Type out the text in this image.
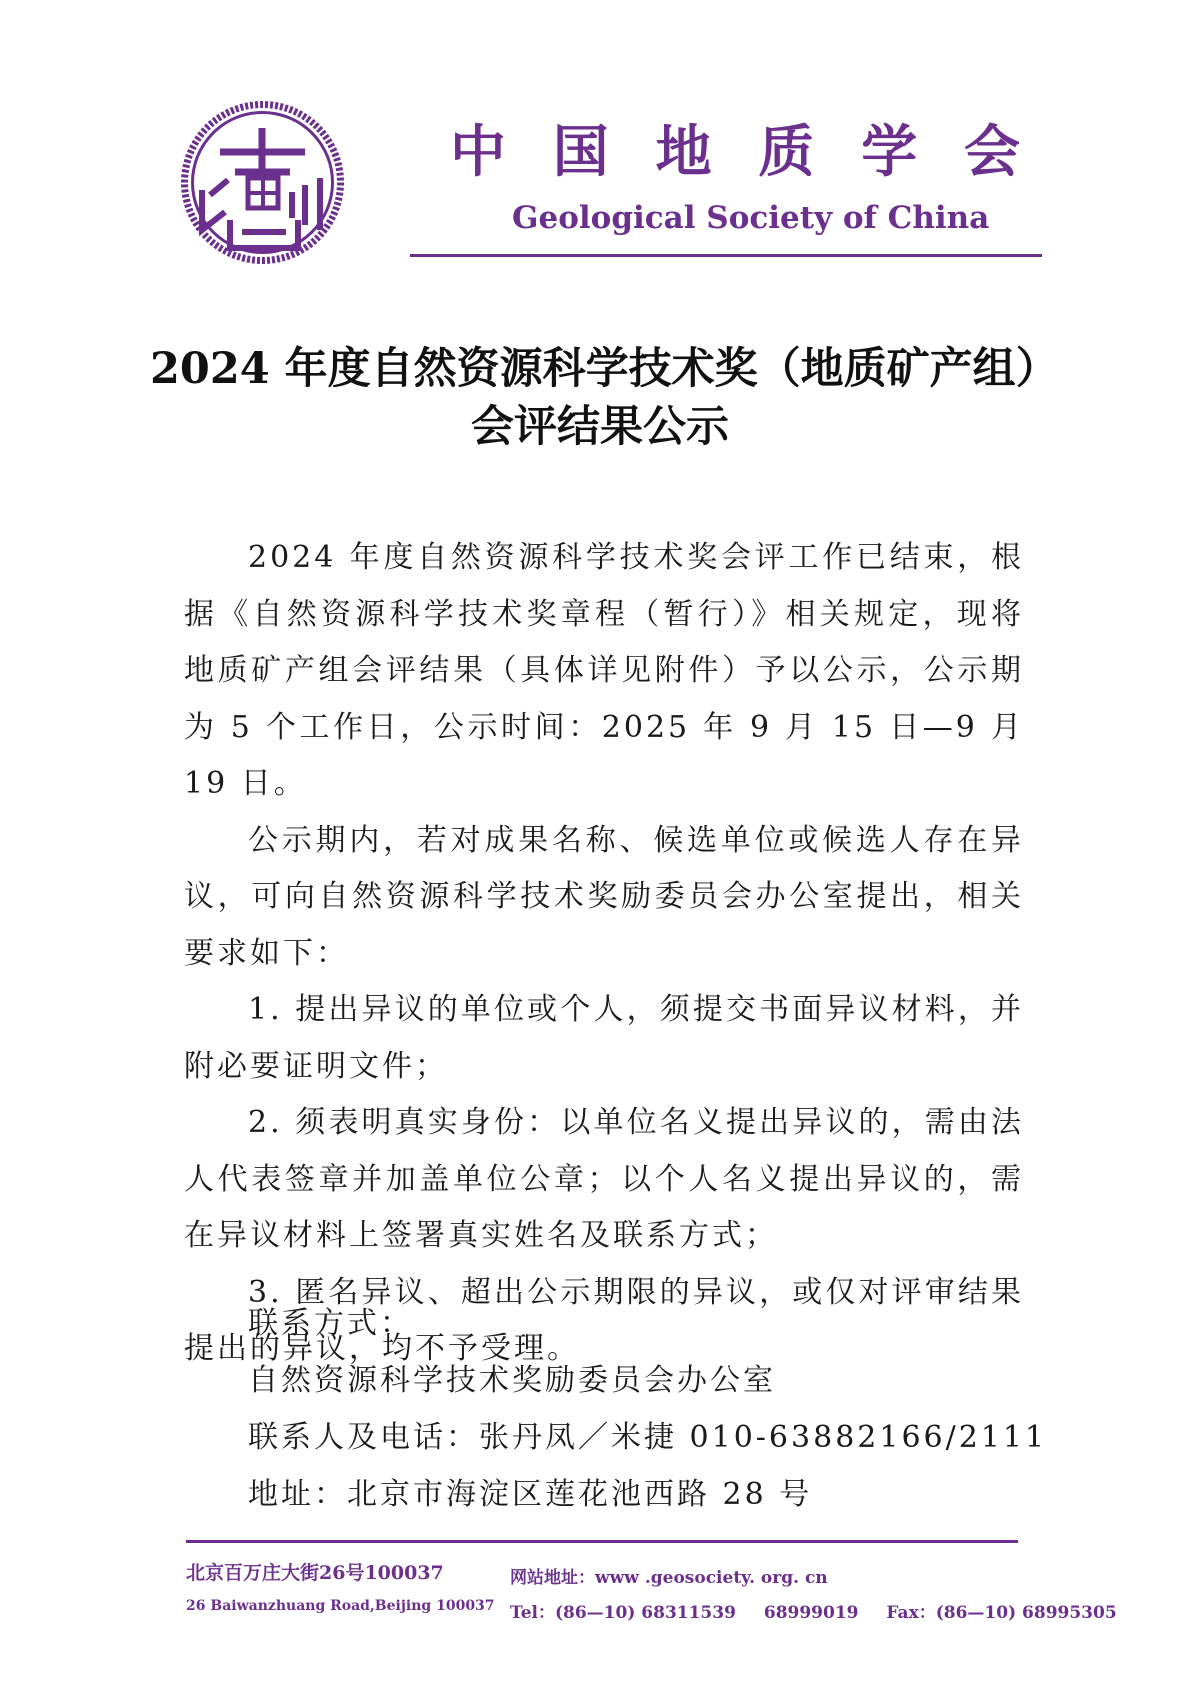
中 国 地 质 学 会
Geological Society of China
2024 年度自然资源科学技术奖（地质矿产组）
会评结果公示

2024 年度自然资源科学技术奖会评工作已结束，根据《自然资源科学技术奖章程（暂行）》相关规定，现将地质矿产组会评结果（具体详见附件）予以公示，公示期为 5 个工作日，公示时间：2025 年 9 月 15 日—9 月 19 日。

公示期内，若对成果名称、候选单位或候选人存在异议，可向自然资源科学技术奖励委员会办公室提出，相关要求如下：

1. 提出异议的单位或个人，须提交书面异议材料，并附必要证明文件；

2. 须表明真实身份：以单位名义提出异议的，需由法人代表签章并加盖单位公章；以个人名义提出异议的，需在异议材料上签署真实姓名及联系方式；

3. 匿名异议、超出公示期限的异议，或仅对评审结果提出的异议，均不予受理。

联系方式：
自然资源科学技术奖励委员会办公室
联系人及电话：张丹凤／米捷 010-63882166/2111
地址：北京市海淀区莲花池西路 28 号
北京百万庄大街26号100037
26 Baiwanzhuang Road,Beijing 100037
网站地址：www .geosociety. org. cn
Tel：(86—10) 68311539 68999019 Fax：(86—10) 68995305
